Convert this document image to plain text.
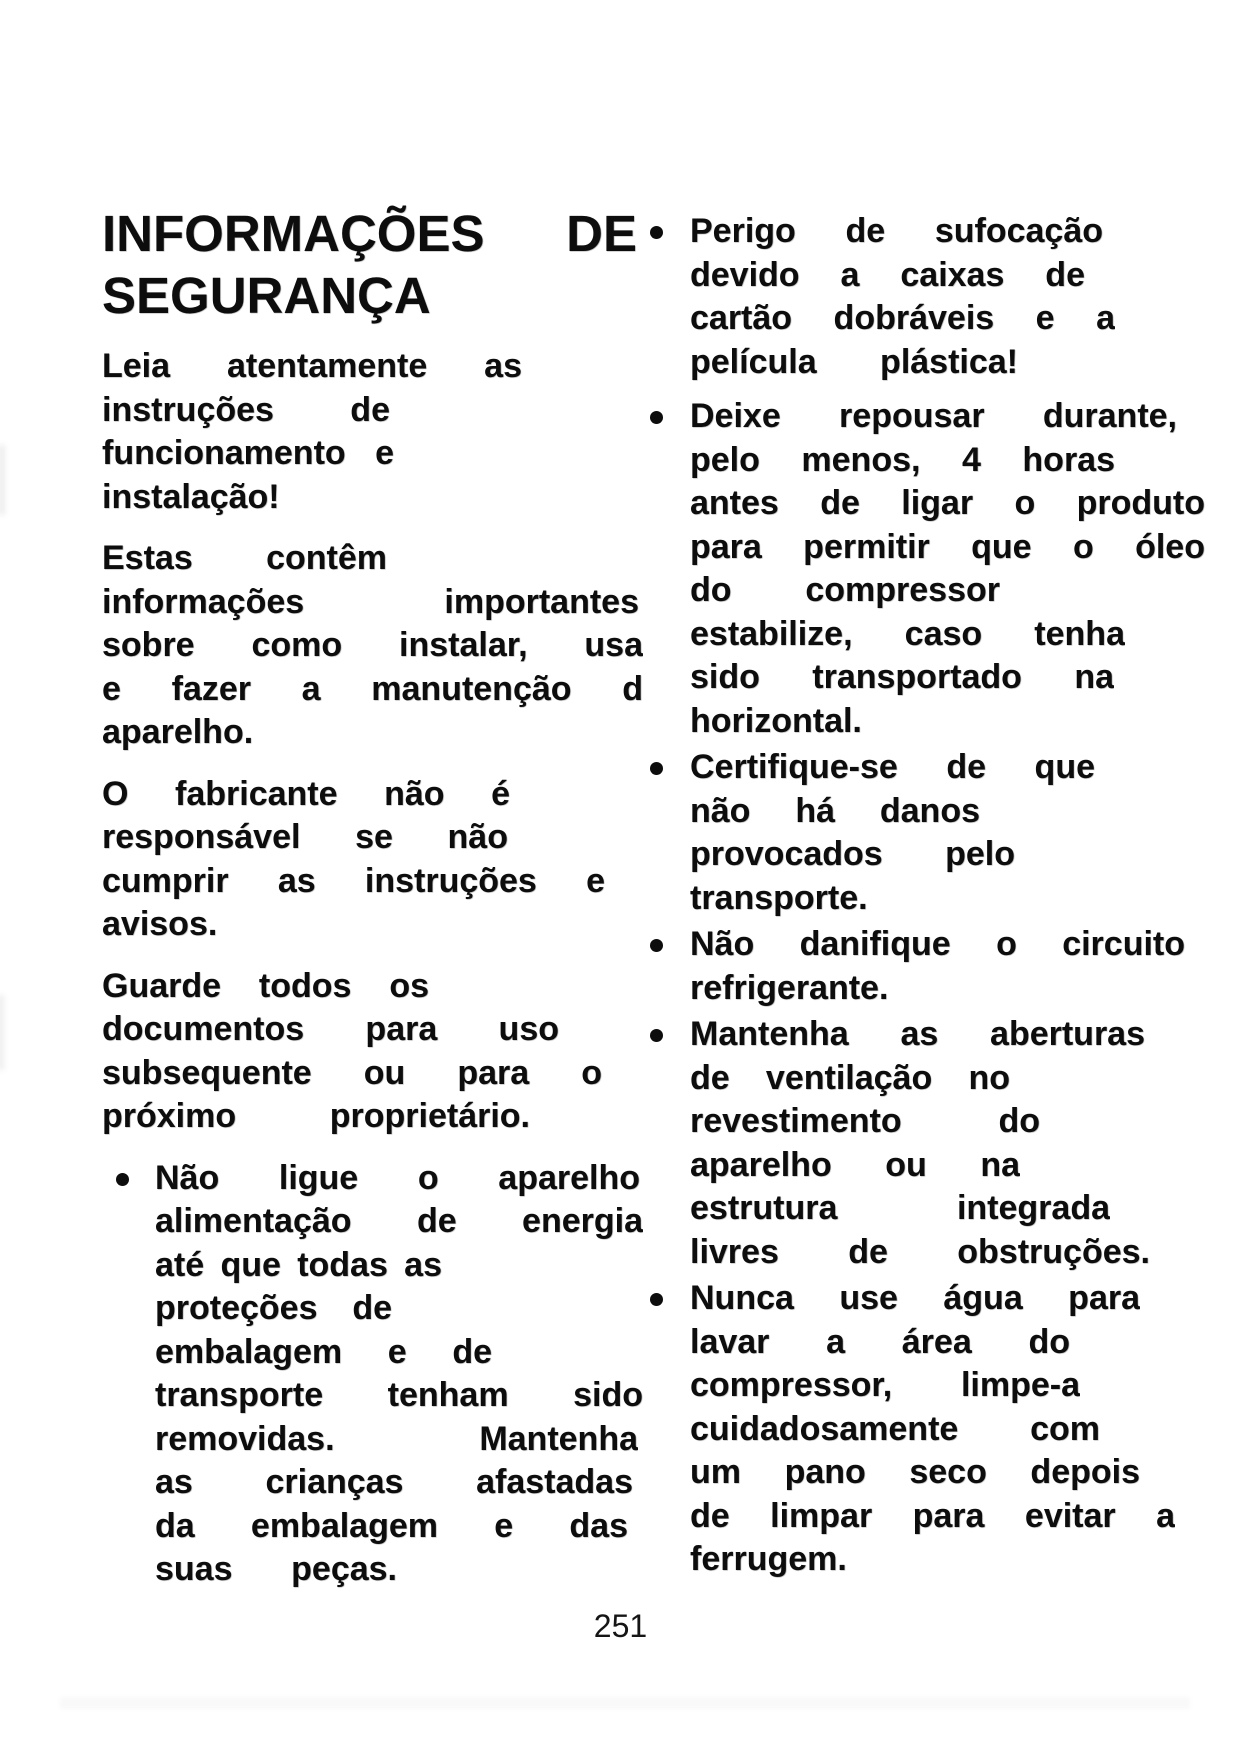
INFORMAÇÕES DE
SEGURANÇA
Leia atentamente as
instruções de
funcionamento e
instalação!
Estas contêm
informações importantes
sobre como instalar, usa
e fazer a manutenção d
aparelho.
O fabricante não é
responsável se não
cumprir as instruções e
avisos.
Guarde todos os
documentos para uso
subsequente ou para o
próximo proprietário.
Não ligue o aparelho
alimentação de energia
até que todas as
proteções de
embalagem e de
transporte tenham sido
removidas. Mantenha
as crianças afastadas
da embalagem e das
suas peças.
Perigo de sufocação
devido a caixas de
cartão dobráveis e a
película plástica!
Deixe repousar durante,
pelo menos, 4 horas
antes de ligar o produto
para permitir que o óleo
do compressor
estabilize, caso tenha
sido transportado na
horizontal.
Certifique-se de que
não há danos
provocados pelo
transporte.
Não danifique o circuito
refrigerante.
Mantenha as aberturas
de ventilação no
revestimento do
aparelho ou na
estrutura integrada
livres de obstruções.
Nunca use água para
lavar a área do
compressor, limpe-a
cuidadosamente com
um pano seco depois
de limpar para evitar a
ferrugem.
251
